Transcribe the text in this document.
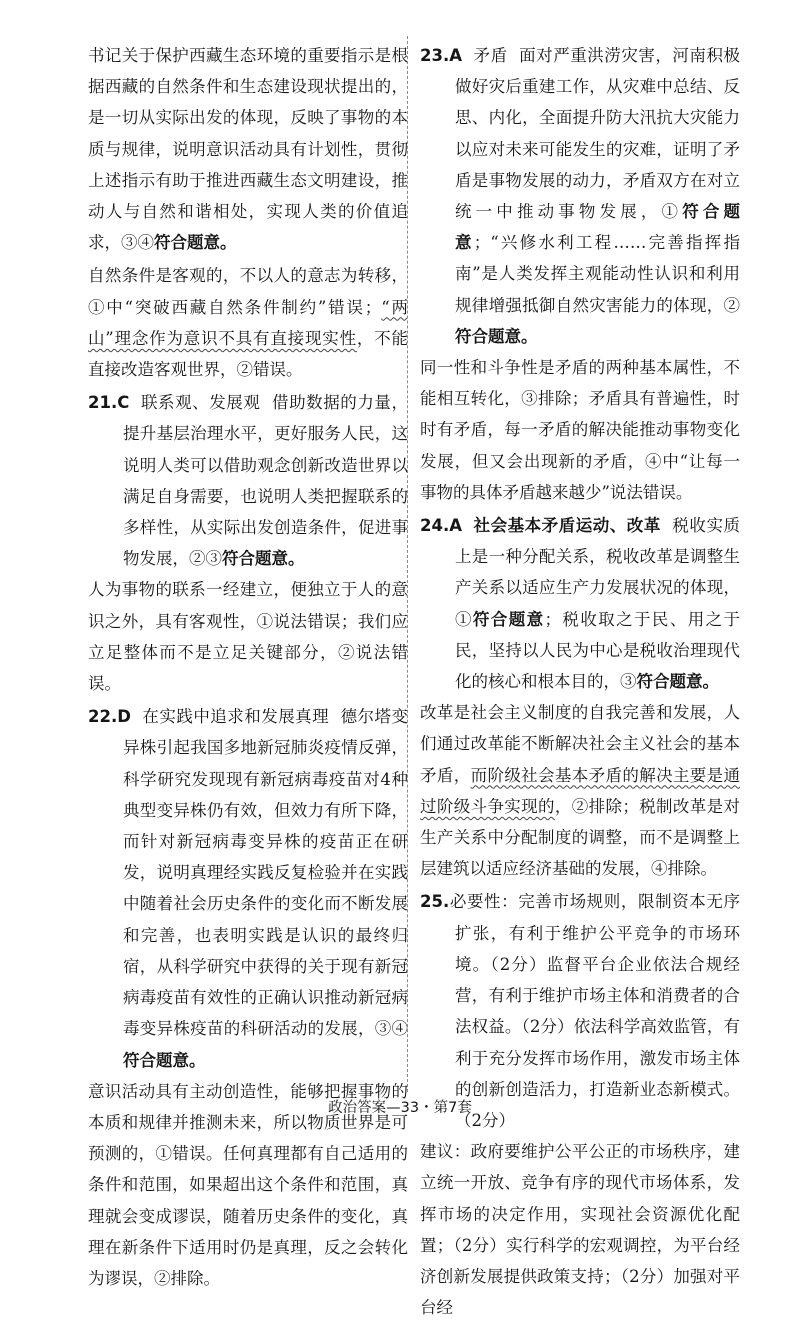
书记关于保护西藏生态环境的重要指示是根据西藏的自然条件和生态建设现状提出的，是一切从实际出发的体现，反映了事物的本质与规律，说明意识活动具有计划性，贯彻上述指示有助于推进西藏生态文明建设，推动人与自然和谐相处，实现人类的价值追求，③④符合题意。

自然条件是客观的，不以人的意志为转移，①中“突破西藏自然条件制约”错误；“两山”理念作为意识不具有直接现实性，不能直接改造客观世界，②错误。

21.C 联系观、发展观 借助数据的力量，提升基层治理水平，更好服务人民，这说明人类可以借助观念创新改造世界以满足自身需要，也说明人类把握联系的多样性，从实际出发创造条件，促进事物发展，②③符合题意。

人为事物的联系一经建立，便独立于人的意识之外，具有客观性，①说法错误；我们应立足整体而不是立足关键部分，②说法错误。

22.D 在实践中追求和发展真理 德尔塔变异株引起我国多地新冠肺炎疫情反弹，科学研究发现现有新冠病毒疫苗对4种典型变异株仍有效，但效力有所下降，而针对新冠病毒变异株的疫苗正在研发，说明真理经实践反复检验并在实践中随着社会历史条件的变化而不断发展和完善，也表明实践是认识的最终归宿，从科学研究中获得的关于现有新冠病毒疫苗有效性的正确认识推动新冠病毒变异株疫苗的科研活动的发展，③④符合题意。

意识活动具有主动创造性，能够把握事物的本质和规律并推测未来，所以物质世界是可预测的，①错误。任何真理都有自己适用的条件和范围，如果超出这个条件和范围，真理就会变成谬误，随着历史条件的变化，真理在新条件下适用时仍是真理，反之会转化为谬误，②排除。

23.A 矛盾 面对严重洪涝灾害，河南积极做好灾后重建工作，从灾难中总结、反思、内化，全面提升防大汛抗大灾能力以应对未来可能发生的灾难，证明了矛盾是事物发展的动力，矛盾双方在对立统一中推动事物发展，①符合题意；“兴修水利工程……完善指挥指南”是人类发挥主观能动性认识和利用规律增强抵御自然灾害能力的体现，②符合题意。

同一性和斗争性是矛盾的两种基本属性，不能相互转化，③排除；矛盾具有普遍性，时时有矛盾，每一矛盾的解决能推动事物变化发展，但又会出现新的矛盾，④中“让每一事物的具体矛盾越来越少”说法错误。

24.A 社会基本矛盾运动、改革 税收实质上是一种分配关系，税收改革是调整生产关系以适应生产力发展状况的体现，①符合题意；税收取之于民、用之于民，坚持以人民为中心是税收治理现代化的核心和根本目的，③符合题意。

改革是社会主义制度的自我完善和发展，人们通过改革能不断解决社会主义社会的基本矛盾，而阶级社会基本矛盾的解决主要是通过阶级斗争实现的，②排除；税制改革是对生产关系中分配制度的调整，而不是调整上层建筑以适应经济基础的发展，④排除。

25.必要性：完善市场规则，限制资本无序扩张，有利于维护公平竞争的市场环境。（2分）监督平台企业依法合规经营，有利于维护市场主体和消费者的合法权益。（2分）依法科学高效监管，有利于充分发挥市场作用，激发市场主体的创新创造活力，打造新业态新模式。（2分）

建议：政府要维护公平公正的市场秩序，建立统一开放、竞争有序的现代市场体系，发挥市场的决定作用，实现社会资源优化配置；（2分）实行科学的宏观调控，为平台经济创新发展提供政策支持；（2分）加强对平台经

政治答案—33・第7套
